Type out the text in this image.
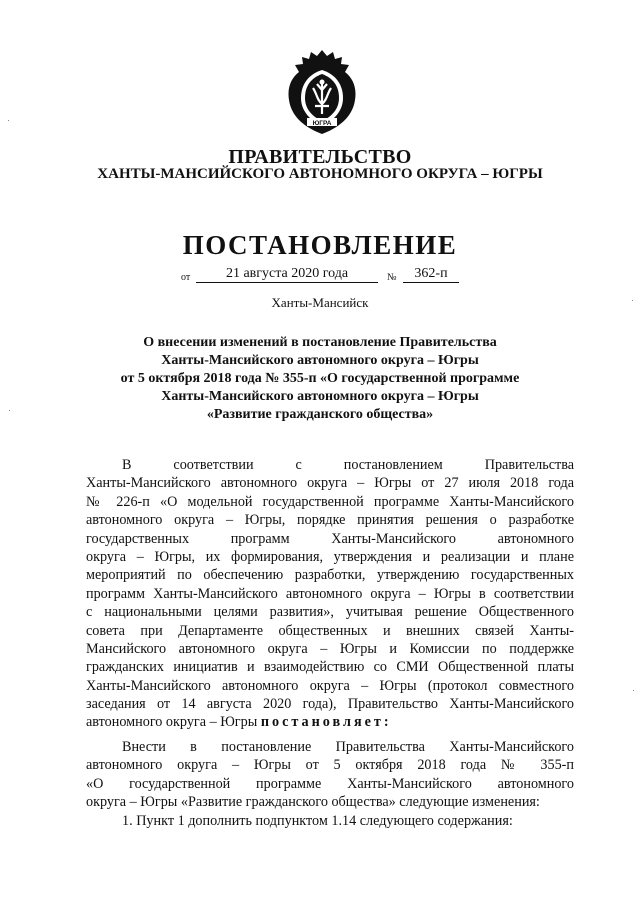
ЮГРА
ПРАВИТЕЛЬСТВО
ХАНТЫ-МАНСИЙСКОГО АВТОНОМНОГО ОКРУГА – ЮГРЫ
ПОСТАНОВЛЕНИЕ
от	21 августа 2020 года	№	362-п
Ханты-Мансийск
О внесении изменений в постановление Правительства
Ханты-Мансийского автономного округа – Югры
от 5 октября 2018 года № 355-п «О государственной программе
Ханты-Мансийского автономного округа – Югры
«Развитие гражданского общества»
В соответствии с постановлением Правительства
Ханты-Мансийского автономного округа – Югры от 27 июля 2018 года
№ 226-п «О модельной государственной программе Ханты-Мансийского
автономного округа – Югры, порядке принятия решения о разработке
государственных программ Ханты-Мансийского автономного
округа – Югры, их формирования, утверждения и реализации и плане
мероприятий по обеспечению разработки, утверждению государственных
программ Ханты-Мансийского автономного округа – Югры в соответствии
с национальными целями развития», учитывая решение Общественного
совета при Департаменте общественных и внешних связей Ханты-
Мансийского автономного округа – Югры и Комиссии по поддержке
гражданских инициатив и взаимодействию со СМИ Общественной платы
Ханты-Мансийского автономного округа – Югры (протокол совместного
заседания от 14 августа 2020 года), Правительство Ханты-Мансийского
автономного округа – Югры постановляет:
Внести в постановление Правительства Ханты-Мансийского
автономного округа – Югры от 5 октября 2018 года № 355-п
«О государственной программе Ханты-Мансийского автономного
округа – Югры «Развитие гражданского общества» следующие изменения:
1. Пункт 1 дополнить подпунктом 1.14 следующего содержания:
